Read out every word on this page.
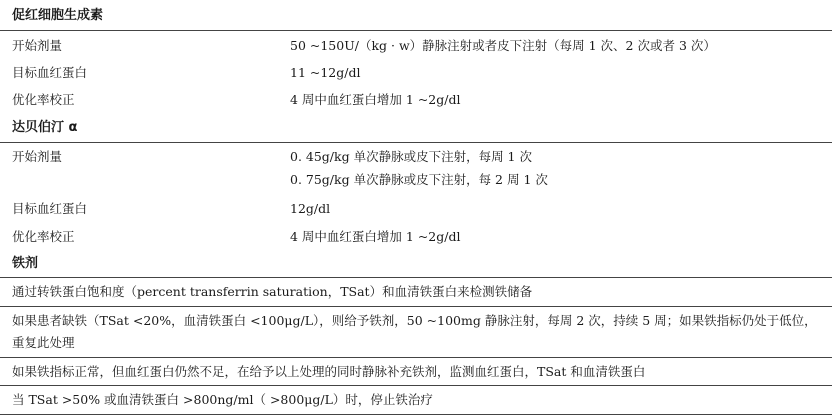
促红细胞生成素
开始剂量	50 ~150U/（kg · w）静脉注射或者皮下注射（每周 1 次、2 次或者 3 次）
目标血红蛋白	11 ~12g/dl
优化率校正	4 周中血红蛋白增加 1 ~2g/dl
达贝伯汀 α
开始剂量	0. 45g/kg 单次静脉或皮下注射，每周 1 次
0. 75g/kg 单次静脉或皮下注射，每 2 周 1 次
目标血红蛋白	12g/dl
优化率校正	4 周中血红蛋白增加 1 ~2g/dl
铁剂
通过转铁蛋白饱和度（percent transferrin saturation，TSat）和血清铁蛋白来检测铁储备
如果患者缺铁（TSat <20%，血清铁蛋白 <100μg/L），则给予铁剂，50 ~100mg 静脉注射，每周 2 次，持续 5 周；如果铁指标仍处于低位，重复此处理
如果铁指标正常，但血红蛋白仍然不足，在给予以上处理的同时静脉补充铁剂，监测血红蛋白，TSat 和血清铁蛋白
当 TSat >50% 或血清铁蛋白 >800ng/ml（ >800μg/L）时，停止铁治疗
